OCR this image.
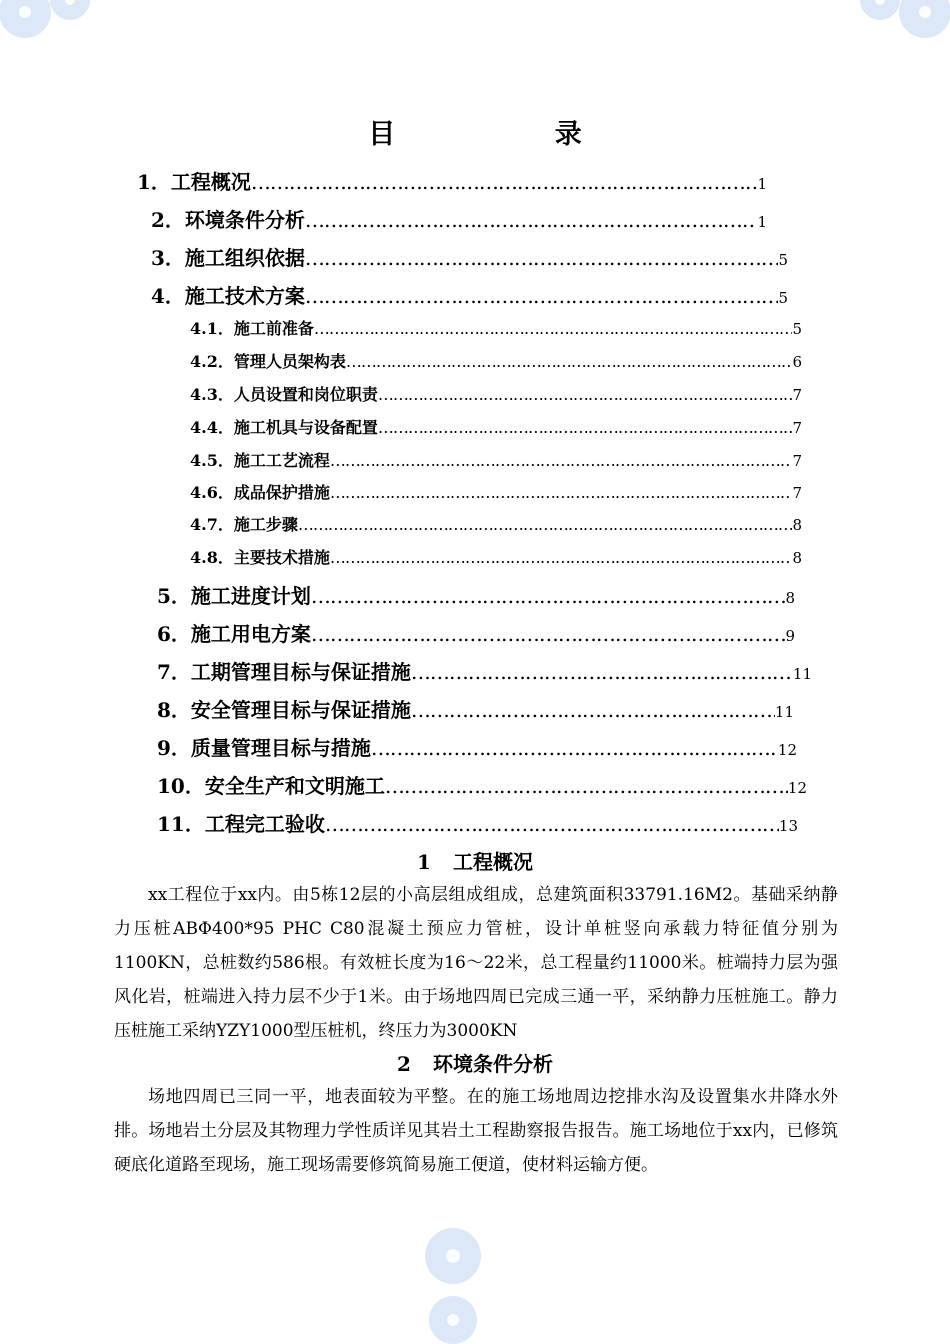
目 录
1．工程概况 ……………………………………………………………………………………………………………………………………………………………………………………………………	1
2．环境条件分析 ……………………………………………………………………………………………………………………………………………………………………………………………………	1
3．施工组织依据 ……………………………………………………………………………………………………………………………………………………………………………………………………	5
4．施工技术方案 ……………………………………………………………………………………………………………………………………………………………………………………………………	5
4.1．施工前准备 ……………………………………………………………………………………………………………………………………………………………………………………………………	5
4.2．管理人员架构表 ……………………………………………………………………………………………………………………………………………………………………………………………………	6
4.3．人员设置和岗位职责 ……………………………………………………………………………………………………………………………………………………………………………………………………	7
4.4．施工机具与设备配置 ……………………………………………………………………………………………………………………………………………………………………………………………………	7
4.5．施工工艺流程 ……………………………………………………………………………………………………………………………………………………………………………………………………	7
4.6．成品保护措施 ……………………………………………………………………………………………………………………………………………………………………………………………………	7
4.7．施工步骤 ……………………………………………………………………………………………………………………………………………………………………………………………………	8
4.8．主要技术措施 ……………………………………………………………………………………………………………………………………………………………………………………………………	8
5．施工进度计划 ……………………………………………………………………………………………………………………………………………………………………………………………………	8
6．施工用电方案 ……………………………………………………………………………………………………………………………………………………………………………………………………	9
7．工期管理目标与保证措施 ……………………………………………………………………………………………………………………………………………………………………………………………………	11
8．安全管理目标与保证措施 ……………………………………………………………………………………………………………………………………………………………………………………………………	11
9．质量管理目标与措施 ……………………………………………………………………………………………………………………………………………………………………………………………………	12
10．安全生产和文明施工 ……………………………………………………………………………………………………………………………………………………………………………………………………	12
11．工程完工验收 ……………………………………………………………………………………………………………………………………………………………………………………………………	13
1 工程概况
xx工程位于xx内。由5栋12层的小高层组成组成，总建筑面积33791.16M2。基础采纳静力压桩ABΦ400*95 PHC C80混凝土预应力管桩，设计单桩竖向承载力特征值分别为1100KN，总桩数约586根。有效桩长度为16～22米，总工程量约11000米。桩端持力层为强风化岩，桩端进入持力层不少于1米。由于场地四周已完成三通一平，采纳静力压桩施工。静力压桩施工采纳YZY1000型压桩机，终压力为3000KN
2 环境条件分析
场地四周已三同一平，地表面较为平整。在的施工场地周边挖排水沟及设置集水井降水外排。场地岩土分层及其物理力学性质详见其岩土工程勘察报告报告。施工场地位于xx内，已修筑硬底化道路至现场，施工现场需要修筑简易施工便道，使材料运输方便。
